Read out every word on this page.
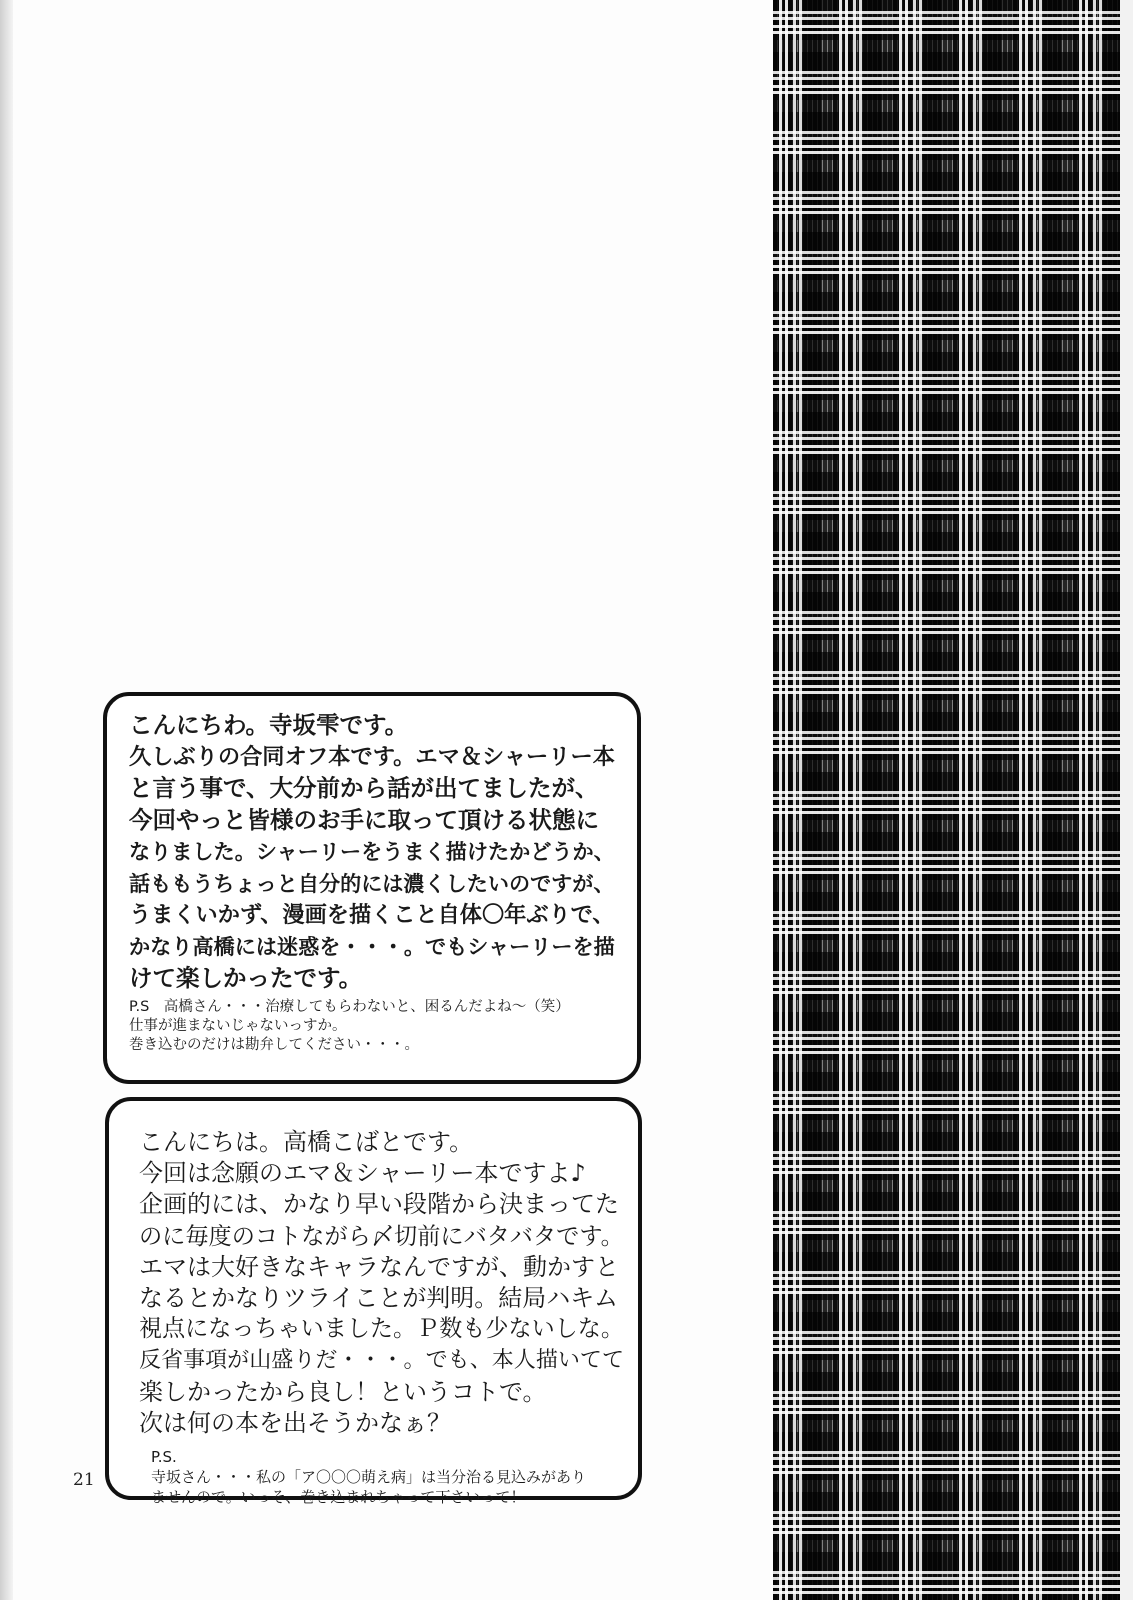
こんにちわ。寺坂雫です。
久しぶりの合同オフ本です。エマ＆シャーリー本
と言う事で、大分前から話が出てましたが、
今回やっと皆様のお手に取って頂ける状態に
なりました。シャーリーをうまく描けたかどうか、
話ももうちょっと自分的には濃くしたいのですが、
うまくいかず、漫画を描くこと自体〇年ぶりで、
かなり高橋には迷惑を・・・。でもシャーリーを描
けて楽しかったです。
P.S　高橋さん・・・治療してもらわないと、困るんだよね～（笑）
仕事が進まないじゃないっすか。
巻き込むのだけは勘弁してください・・・。
こんにちは。高橋こばとです。
今回は念願のエマ＆シャーリー本ですよ♪
企画的には、かなり早い段階から決まってた
のに毎度のコトながら〆切前にバタバタです。
エマは大好きなキャラなんですが、動かすと
なるとかなりツライことが判明。結局ハキム
視点になっちゃいました。Ｐ数も少ないしな。
反省事項が山盛りだ・・・。でも、本人描いてて
楽しかったから良し！というコトで。
次は何の本を出そうかなぁ？
P.S.
寺坂さん・・・私の「ア〇〇〇萌え病」は当分治る見込みがあり
ませんので。いっそ、巻き込まれちゃって下さいって！
21
